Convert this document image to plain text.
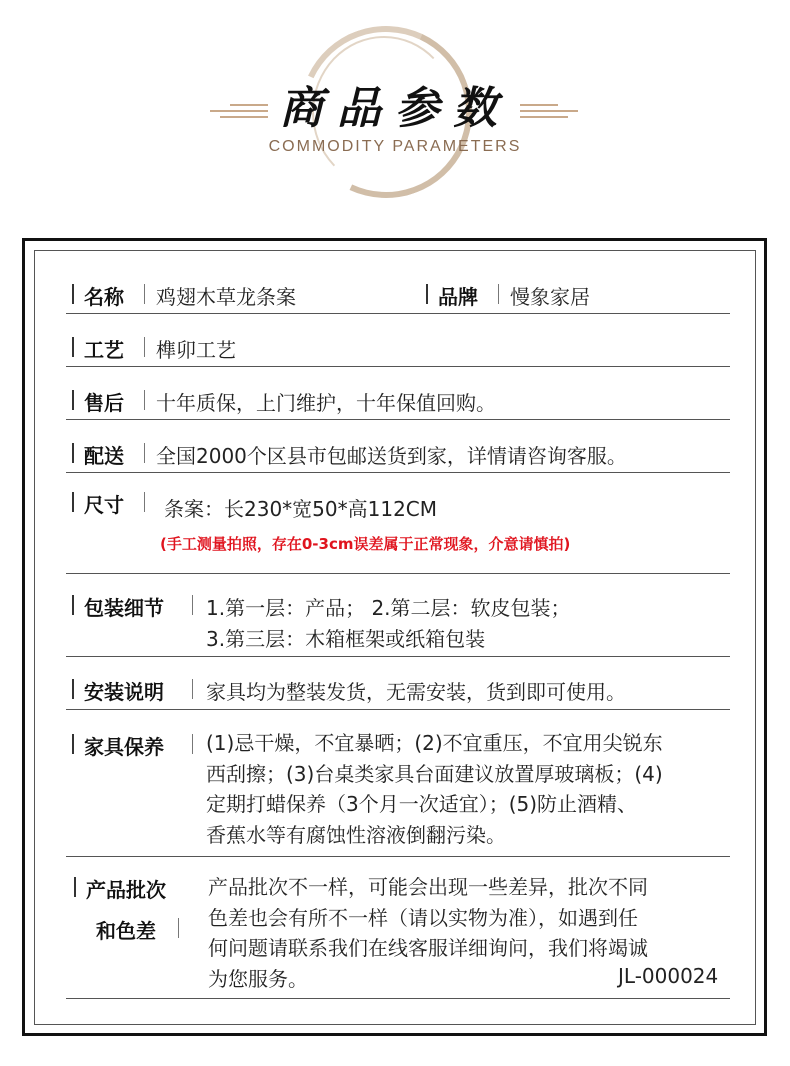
商品参数
COMMODITY PARAMETERS
名称 鸡翅木草龙条案	品牌 慢象家居
工艺 榫卯工艺
售后 十年质保，上门维护，十年保值回购。
配送 全国2000个区县市包邮送货到家，详情请咨询客服。
尺寸 条案：长230*宽50*高112CM
(手工测量拍照，存在0-3cm误差属于正常现象，介意请慎拍)
包装细节 1.第一层：产品； 2.第二层：软皮包装；
3.第三层：木箱框架或纸箱包装
安装说明 家具均为整装发货，无需安装，货到即可使用。
家具保养 (1)忌干燥，不宜暴晒；(2)不宜重压，不宜用尖锐东
西刮擦；(3)台桌类家具台面建议放置厚玻璃板；(4)
定期打蜡保养（3个月一次适宜）；(5)防止酒精、
香蕉水等有腐蚀性溶液倒翻污染。
产品批次
和色差
产品批次不一样，可能会出现一些差异，批次不同
色差也会有所不一样（请以实物为准），如遇到任
何问题请联系我们在线客服详细询问，我们将竭诚
为您服务。	JL-000024
